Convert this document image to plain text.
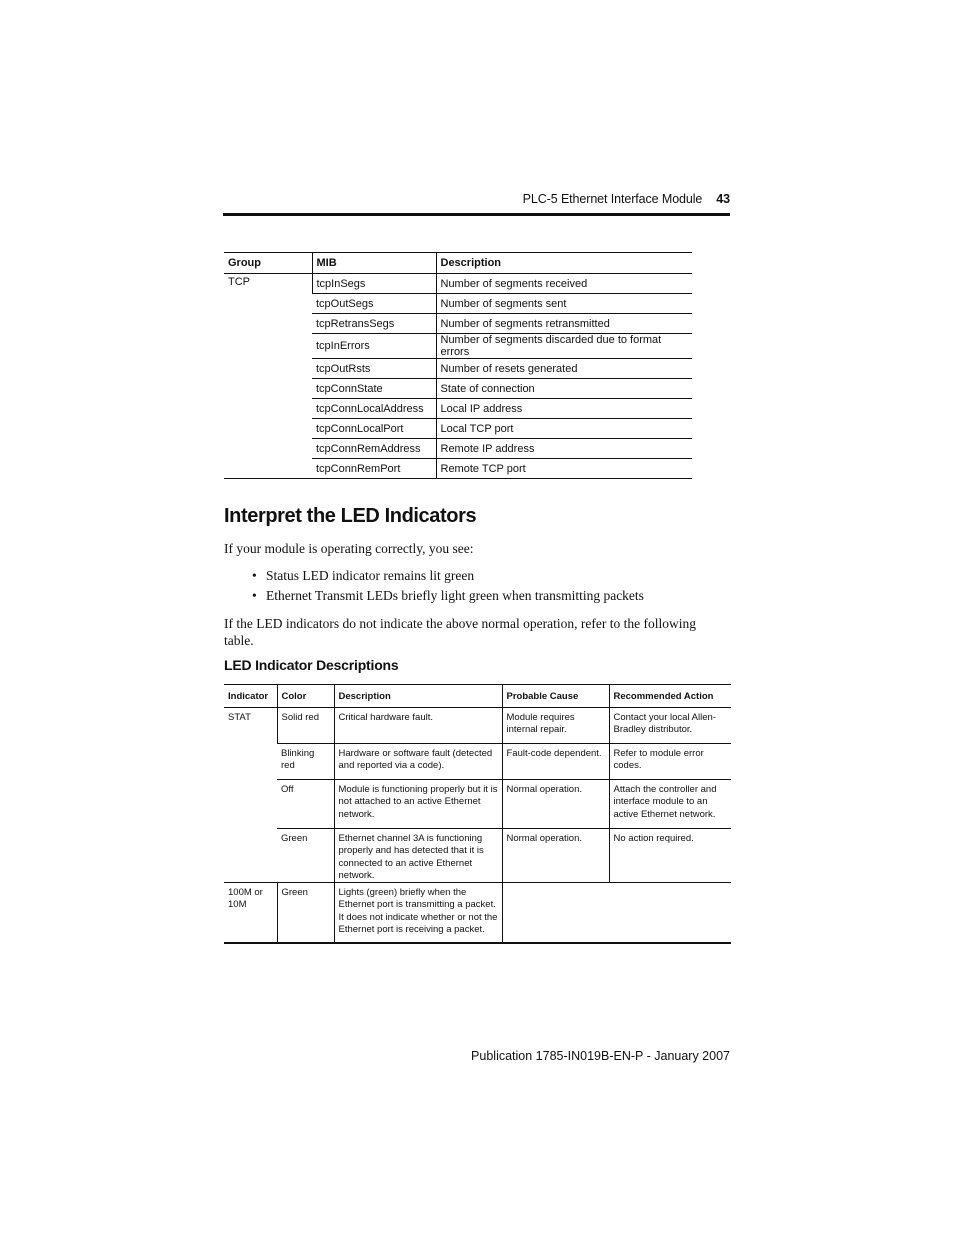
PLC-5 Ethernet Interface Module 43
Group	MIB	Description
TCP	tcpInSegs	Number of segments received
	tcpOutSegs	Number of segments sent
	tcpRetransSegs	Number of segments retransmitted
	tcpInErrors	Number of segments discarded due to format errors
	tcpOutRsts	Number of resets generated
	tcpConnState	State of connection
	tcpConnLocalAddress	Local IP address
	tcpConnLocalPort	Local TCP port
	tcpConnRemAddress	Remote IP address
	tcpConnRemPort	Remote TCP port
Interpret the LED Indicators

If your module is operating correctly, you see:

• Status LED indicator remains lit green
• Ethernet Transmit LEDs briefly light green when transmitting packets

If the LED indicators do not indicate the above normal operation, refer to the following table.

LED Indicator Descriptions
Indicator	Color	Description	Probable Cause	Recommended Action
STAT	Solid red	Critical hardware fault.	Module requires internal repair.	Contact your local Allen-Bradley distributor.
	Blinking red	Hardware or software fault (detected and reported via a code).	Fault-code dependent.	Refer to module error codes.
	Off	Module is functioning properly but it is not attached to an active Ethernet network.	Normal operation.	Attach the controller and interface module to an active Ethernet network.
	Green	Ethernet channel 3A is functioning properly and has detected that it is connected to an active Ethernet network.	Normal operation.	No action required.
100M or 10M	Green	Lights (green) briefly when the Ethernet port is transmitting a packet. It does not indicate whether or not the Ethernet port is receiving a packet.		
Publication 1785-IN019B-EN-P - January 2007
